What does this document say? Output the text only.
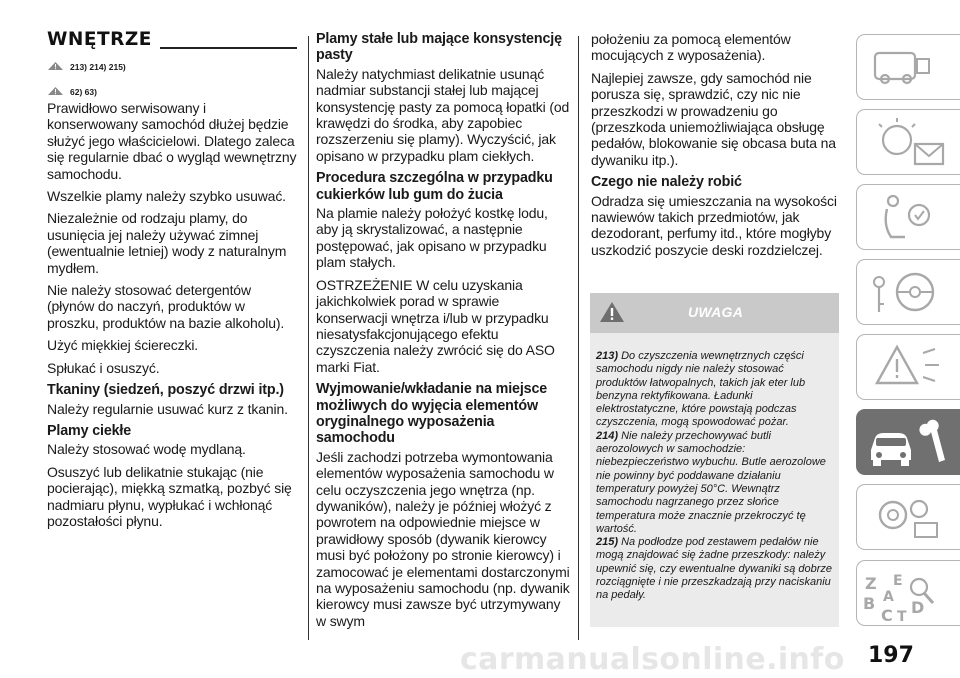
carmanualsonline.info
WNĘTRZE
213) 214) 215)
62) 63)
Prawidłowo serwisowany i konserwowany samochód dłużej będzie służyć jego właścicielowi. Dlatego zaleca się regularnie dbać o wygląd wewnętrzny samochodu.
Wszelkie plamy należy szybko usuwać.
Niezależnie od rodzaju plamy, do usunięcia jej należy używać zimnej (ewentualnie letniej) wody z naturalnym mydłem.
Nie należy stosować detergentów (płynów do naczyń, produktów w proszku, produktów na bazie alkoholu).
Użyć miękkiej ściereczki.
Spłukać i osuszyć.
Tkaniny (siedzeń, poszyć drzwi itp.)
Należy regularnie usuwać kurz z tkanin.
Plamy ciekłe
Należy stosować wodę mydlaną.
Osuszyć lub delikatnie stukając (nie pocierając), miękką szmatką, pozbyć się nadmiaru płynu, wypłukać i wchłonąć pozostałości płynu.
Plamy stałe lub mające konsystencję pasty
Należy natychmiast delikatnie usunąć nadmiar substancji stałej lub mającej konsystencję pasty za pomocą łopatki (od krawędzi do środka, aby zapobiec rozszerzeniu się plamy). Wyczyścić, jak opisano w przypadku plam ciekłych.
Procedura szczególna w przypadku cukierków lub gum do żucia
Na plamie należy położyć kostkę lodu, aby ją skrystalizować, a następnie postępować, jak opisano w przypadku plam stałych.
OSTRZEŻENIE W celu uzyskania jakichkolwiek porad w sprawie konserwacji wnętrza i/lub w przypadku niesatysfakcjonującego efektu czyszczenia należy zwrócić się do ASO marki Fiat.
Wyjmowanie/wkładanie na miejsce możliwych do wyjęcia elementów oryginalnego wyposażenia samochodu
Jeśli zachodzi potrzeba wymontowania elementów wyposażenia samochodu w celu oczyszczenia jego wnętrza (np. dywaników), należy je później włożyć z powrotem na odpowiednie miejsce w prawidłowy sposób (dywanik kierowcy musi być położony po stronie kierowcy) i zamocować je elementami dostarczonymi na wyposażeniu samochodu (np. dywanik kierowcy musi zawsze być utrzymywany w swym
położeniu za pomocą elementów mocujących z wyposażenia).
Najlepiej zawsze, gdy samochód nie porusza się, sprawdzić, czy nic nie przeszkodzi w prowadzeniu go (przeszkoda uniemożliwiająca obsługę pedałów, blokowanie się obcasa buta na dywaniku itp.).
Czego nie należy robić
Odradza się umieszczania na wysokości nawiewów takich przedmiotów, jak dezodorant, perfumy itd., które mogłyby uszkodzić poszycie deski rozdzielczej.
UWAGA
213) Do czyszczenia wewnętrznych części samochodu nigdy nie należy stosować produktów łatwopalnych, takich jak eter lub benzyna rektyfikowana. Ładunki elektrostatyczne, które powstają podczas czyszczenia, mogą spowodować pożar.
214) Nie należy przechowywać butli aerozolowych w samochodzie: niebezpieczeństwo wybuchu. Butle aerozolowe nie powinny być poddawane działaniu temperatury powyżej 50°C. Wewnątrz samochodu nagrzanego przez słońce temperatura może znacznie przekroczyć tę wartość.
215) Na podłodze pod zestawem pedałów nie mogą znajdować się żadne przeszkody: należy upewnić się, czy ewentualne dywaniki są dobrze rozciągnięte i nie przeszkadzają przy naciskaniu na pedały.
Z E
B
C T D
A
197
